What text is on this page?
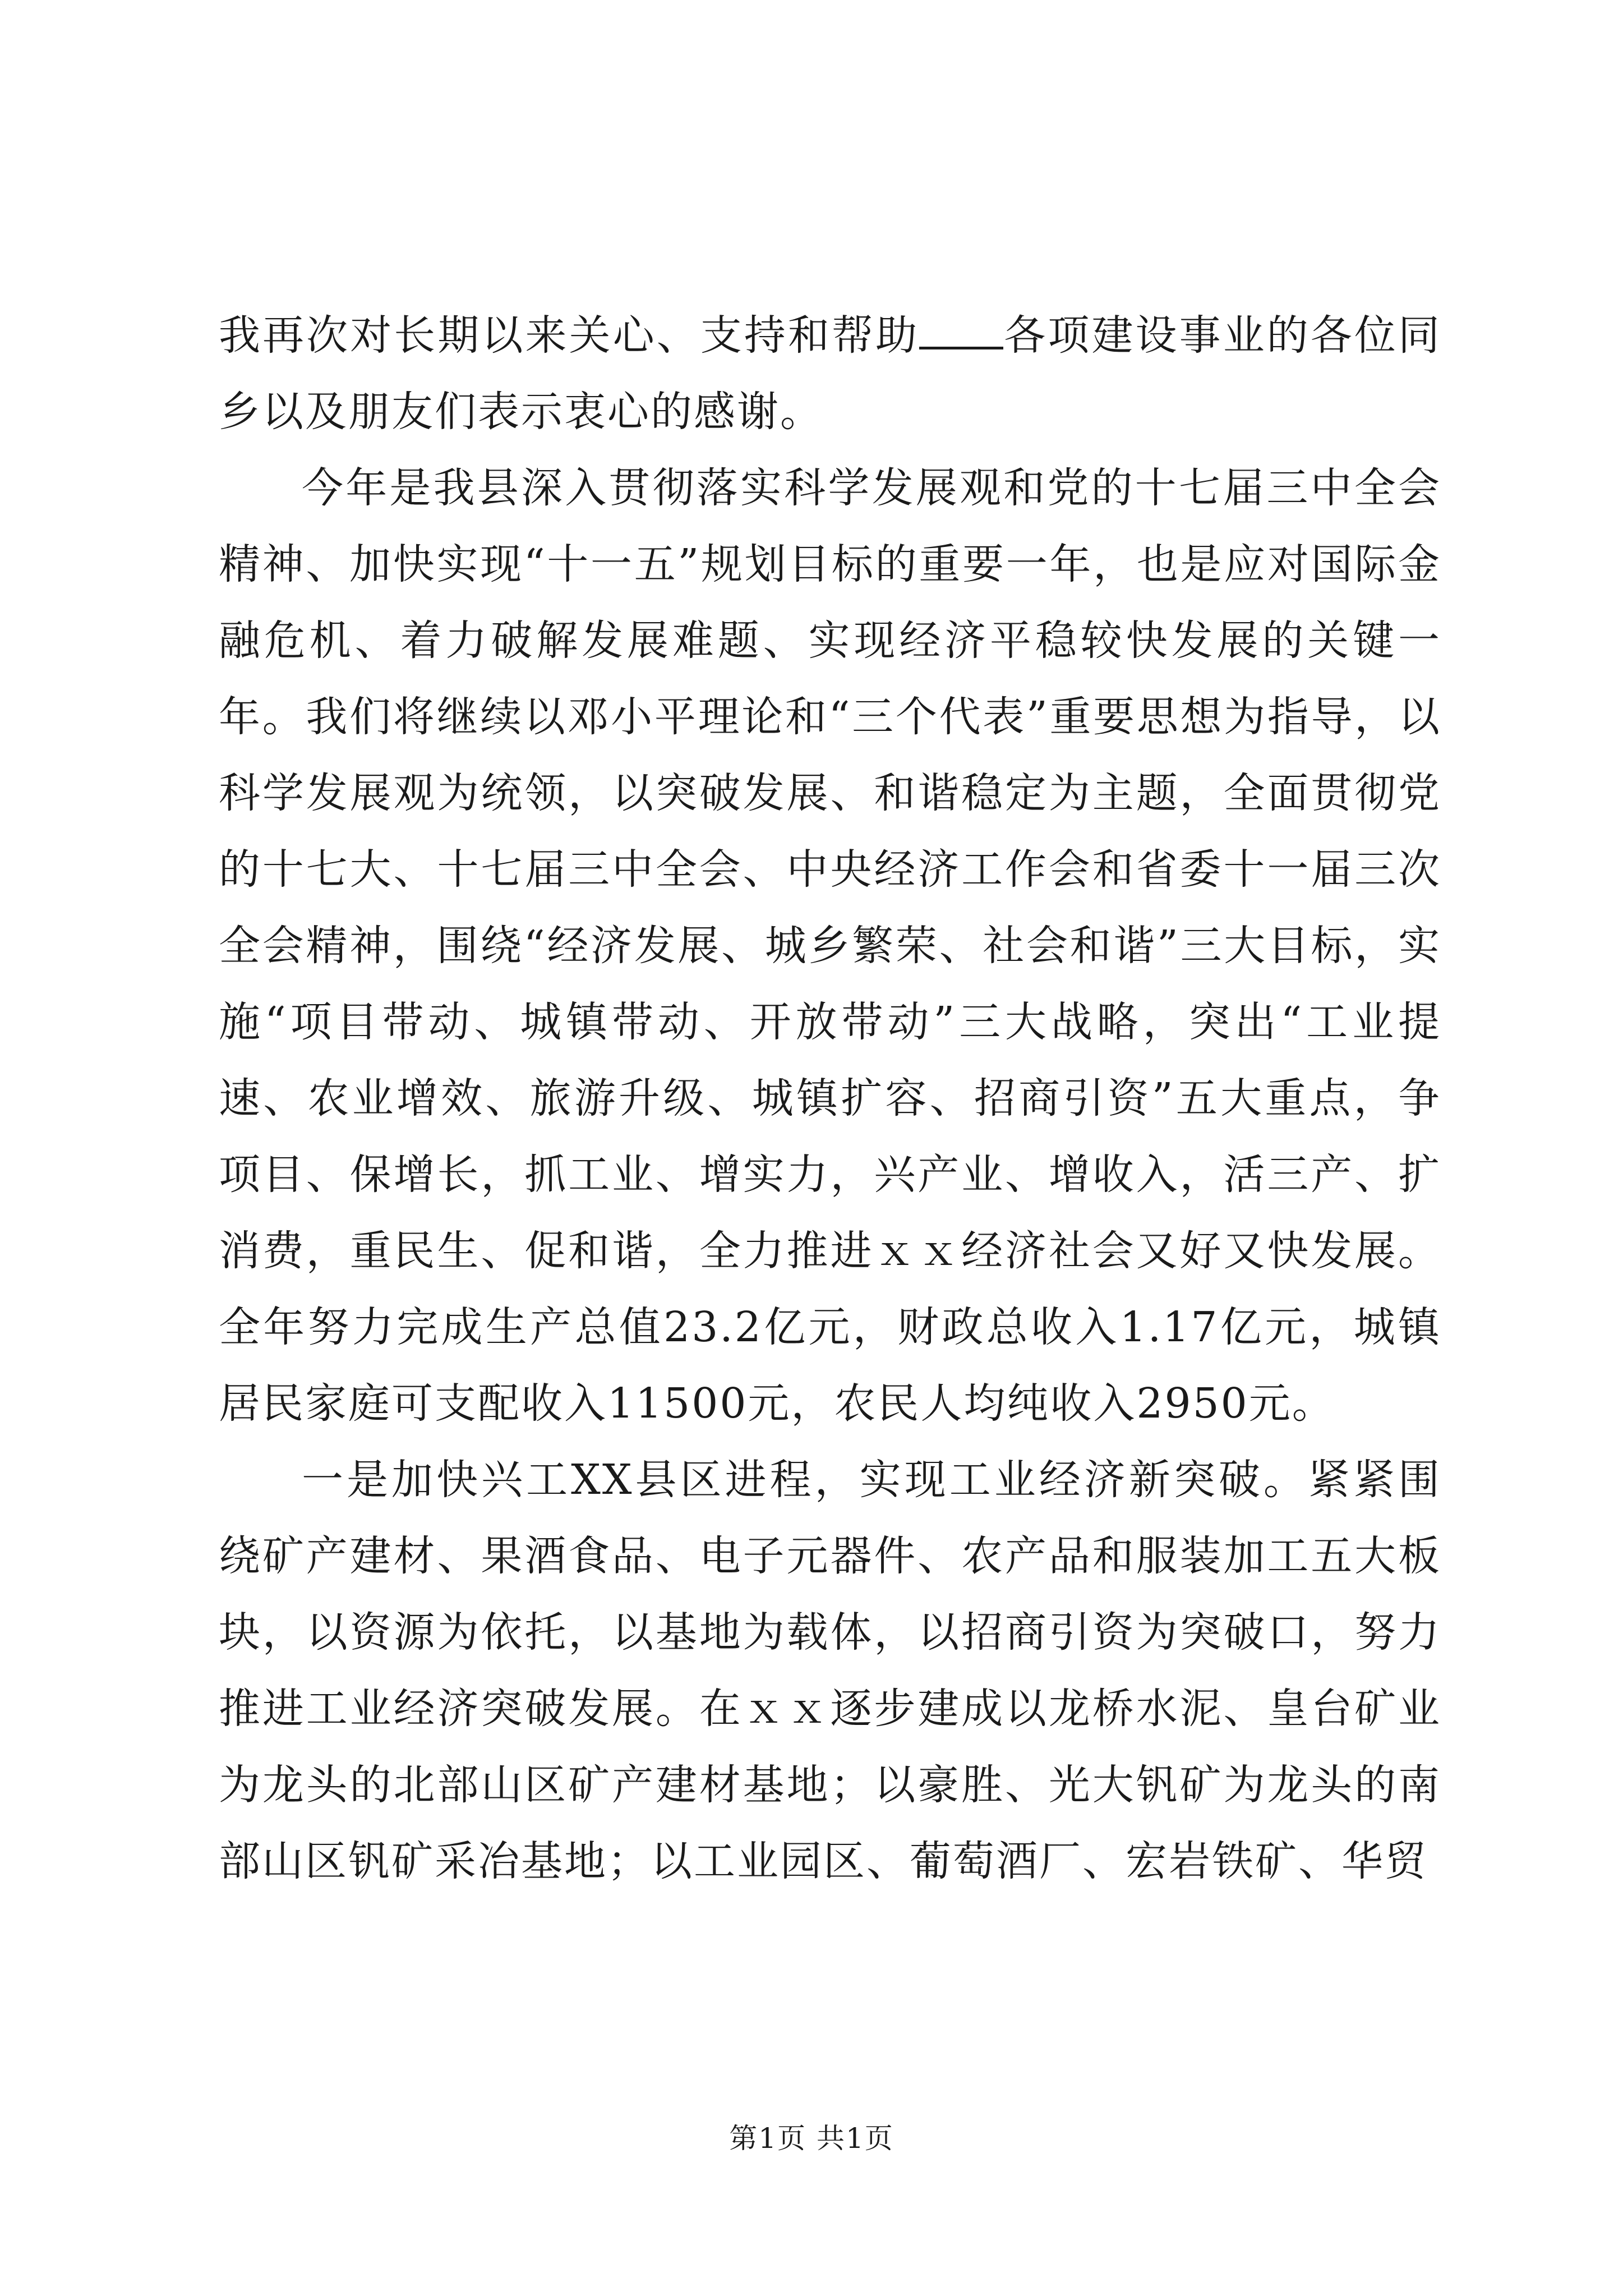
我再次对长期以来关心、支持和帮助 各项建设事业的各位同乡以及朋友们表示衷心的感谢。

今年是我县深入贯彻落实科学发展观和党的十七届三中全会精神、加快实现“十一五”规划目标的重要一年，也是应对国际金融危机、着力破解发展难题、实现经济平稳较快发展的关键一年。我们将继续以邓小平理论和“三个代表”重要思想为指导，以科学发展观为统领，以突破发展、和谐稳定为主题，全面贯彻党的十七大、十七届三中全会、中央经济工作会和省委十一届三次全会精神，围绕“经济发展、城乡繁荣、社会和谐”三大目标，实施“项目带动、城镇带动、开放带动”三大战略，突出“工业提速、农业增效、旅游升级、城镇扩容、招商引资”五大重点，争项目、保增长，抓工业、增实力，兴产业、增收入，活三产、扩消费，重民生、促和谐，全力推进ｘｘ经济社会又好又快发展。全年努力完成生产总值23.2亿元，财政总收入1.17亿元，城镇居民家庭可支配收入11500元，农民人均纯收入2950元。

一是加快兴工XX县区进程，实现工业经济新突破。紧紧围绕矿产建材、果酒食品、电子元器件、农产品和服装加工五大板块，以资源为依托，以基地为载体，以招商引资为突破口，努力推进工业经济突破发展。在ｘｘ逐步建成以龙桥水泥、皇台矿业为龙头的北部山区矿产建材基地；以豪胜、光大钒矿为龙头的南部山区钒矿采冶基地；以工业园区、葡萄酒厂、宏岩铁矿、华贸

第1页 共1页
